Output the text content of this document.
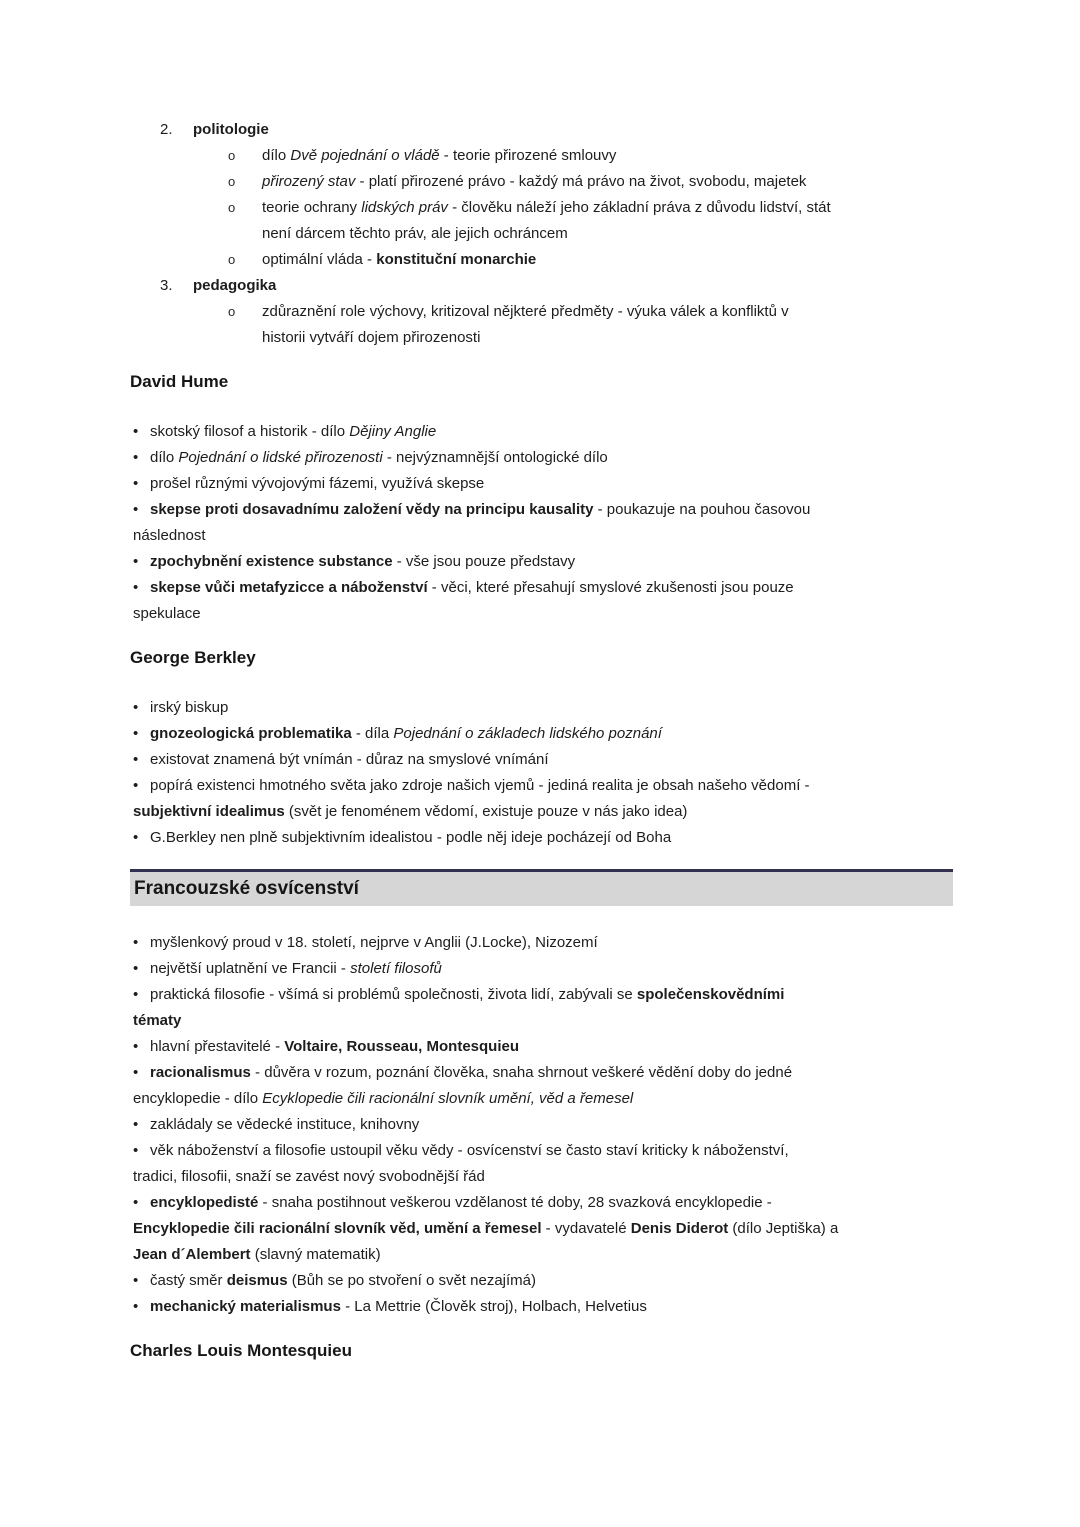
2.	politologie
o dílo Dvě pojednání o vládě - teorie přirozené smlouvy
o přirozený stav - platí přirozené právo - každý má právo na život, svobodu, majetek
o teorie ochrany lidských práv - člověku náleží jeho základní práva z důvodu lidství, stát
není dárcem těchto práv, ale jejich ochráncem
o optimální vláda - konstituční monarchie
3.	pedagogika
o zdůraznění role výchovy, kritizoval nějkteré předměty - výuka válek a konfliktů v
historii vytváří dojem přirozenosti
David Hume
• skotský filosof a historik - dílo Dějiny Anglie
• dílo Pojednání o lidské přirozenosti - nejvýznamnější ontologické dílo
• prošel různými vývojovými fázemi, využívá skepse
• skepse proti dosavadnímu založení vědy na principu kausality - poukazuje na pouhou časovou
následnost
• zpochybnění existence substance - vše jsou pouze představy
• skepse vůči metafyzicce a náboženství - věci, které přesahují smyslové zkušenosti jsou pouze
spekulace
George Berkley
• irský biskup
• gnozeologická problematika - díla Pojednání o základech lidského poznání
• existovat znamená být vnímán - důraz na smyslové vnímání
• popírá existenci hmotného světa jako zdroje našich vjemů - jediná realita je obsah našeho vědomí -
subjektivní idealimus (svět je fenoménem vědomí, existuje pouze v nás jako idea)
• G.Berkley nen plně subjektivním idealistou - podle něj ideje pocházejí od Boha
Francouzské osvícenství
• myšlenkový proud v 18. století, nejprve v Anglii (J.Locke), Nizozemí
• největší uplatnění ve Francii - století filosofů
• praktická filosofie - všímá si problémů společnosti, života lidí, zabývali se společenskovědními
tématy
• hlavní přestavitelé - Voltaire, Rousseau, Montesquieu
• racionalismus - důvěra v rozum, poznání člověka, snaha shrnout veškeré vědění doby do jedné
encyklopedie - dílo Ecyklopedie čili racionální slovník umění, věd a řemesel
• zakládaly se vědecké instituce, knihovny
• věk náboženství a filosofie ustoupil věku vědy - osvícenství se často staví kriticky k náboženství,
tradici, filosofii, snaží se zavést nový svobodnější řád
• encyklopedisté - snaha postihnout veškerou vzdělanost té doby, 28 svazková encyklopedie -
Encyklopedie čili racionální slovník věd, umění a řemesel - vydavatelé Denis Diderot (dílo Jeptiška) a
Jean d´Alembert (slavný matematik)
• častý směr deismus (Bůh se po stvoření o svět nezajímá)
• mechanický materialismus - La Mettrie (Člověk stroj), Holbach, Helvetius
Charles Louis Montesquieu
